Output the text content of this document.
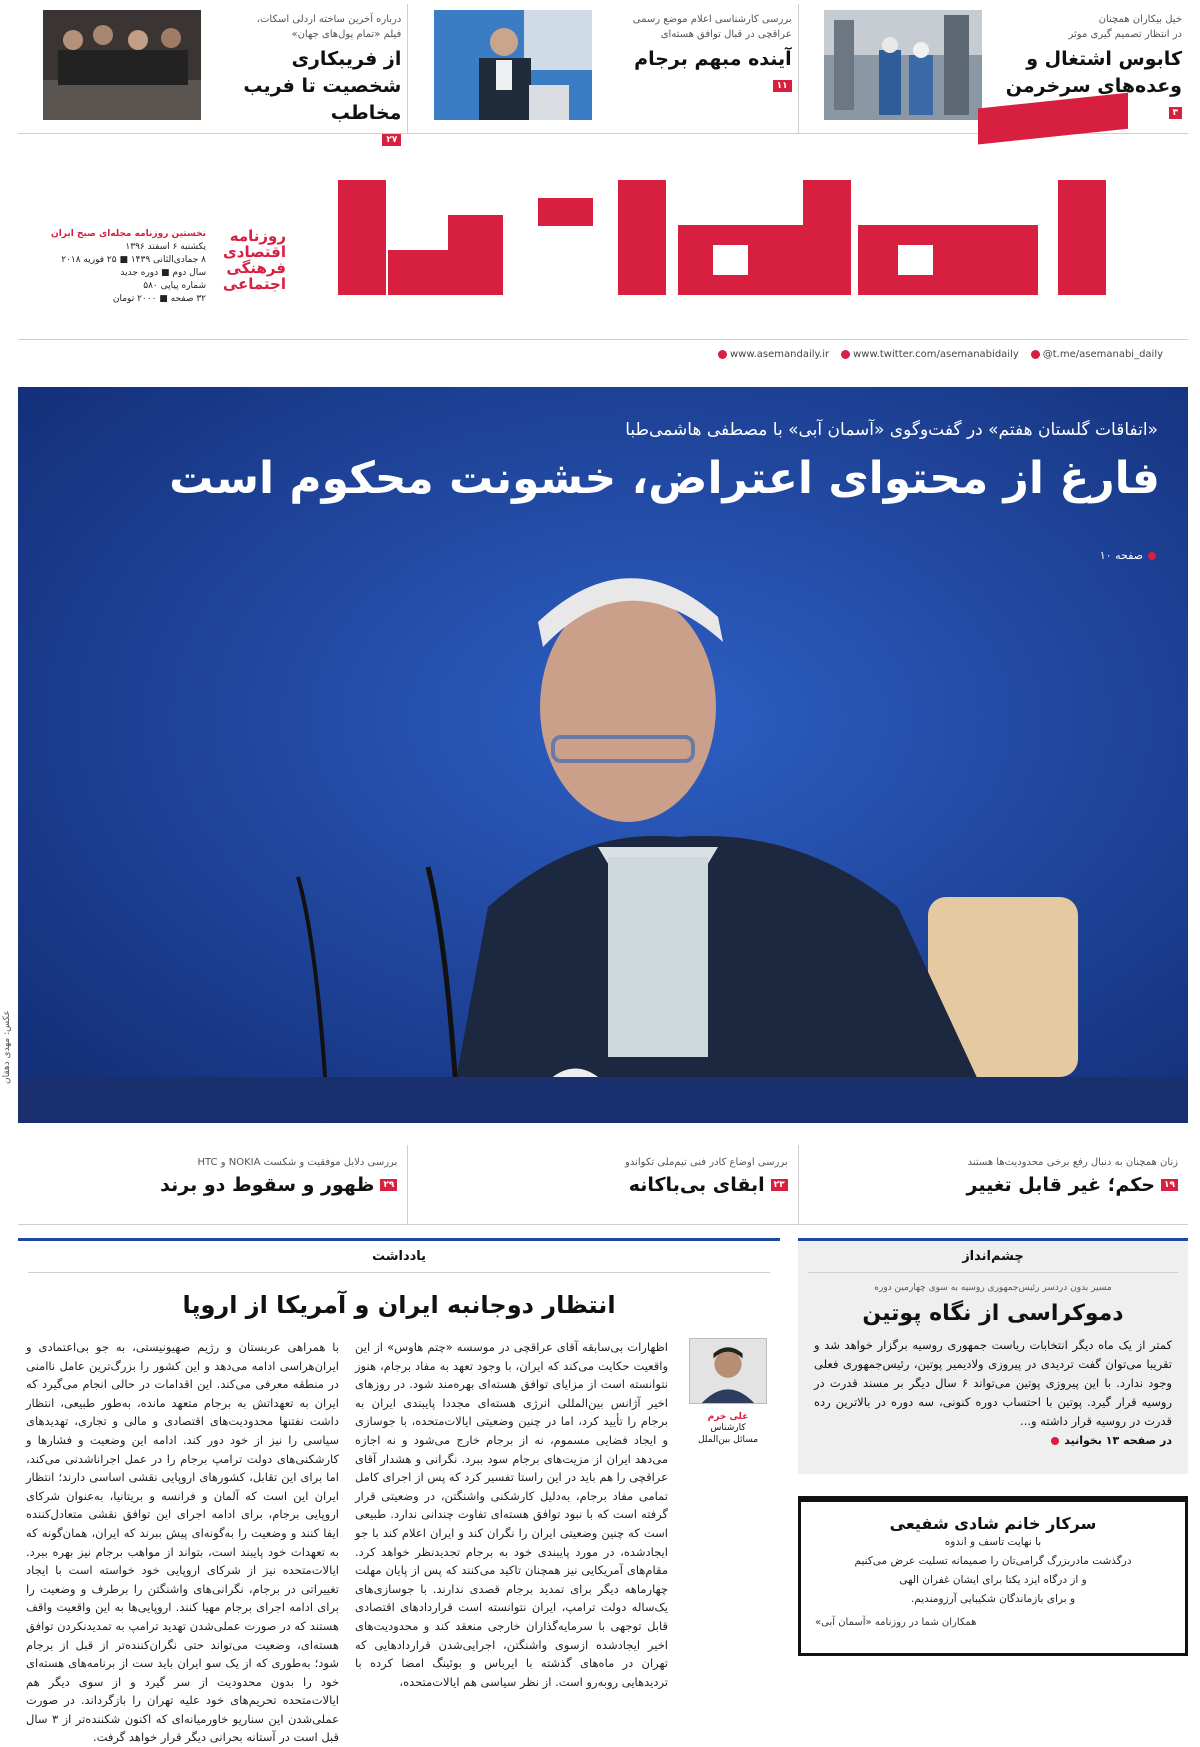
خیل بیکاران همچنان
در انتظار تصمیم گیری موثر
کابوس اشتغال و وعده‌های سرخرمن
۳
بررسی کارشناسی اعلام موضع رسمی
عراقچی در قبال توافق هسته‌ای
آینده مبهم برجام
۱۱
درباره آخرین ساخته اردلی اسکات،
فیلم «تمام پول‌های جهان»
از فریبکاری شخصیت تا فریب مخاطب
۲۷
روزنامه
اقتصادی
فرهنگی
اجتماعی
نخستین روزنامه مجله‌ای صبح ایران
یکشنبه ۶ اسفند ۱۳۹۶
۸ جمادی‌الثانی ۱۴۳۹ ■ ۲۵ فوریه ۲۰۱۸
سال دوم ■ دوره جدید
شماره پیاپی ۵۸۰
۳۲ صفحه ■ ۲۰۰۰ تومان
www.asemandaily.ir www.twitter.com/asemanabidaily @t.me/asemanabi_daily
«اتفاقات گلستان هفتم» در گفت‌وگوی «آسمان آبی» با مصطفی هاشمی‌طبا
فارغ از محتوای اعتراض، خشونت محکوم است
صفحه ۱۰
عکس: مهدی دهقان
زنان همچنان به دنبال رفع برخی محدودیت‌ها هستند
۱۹
حکم؛ غیر قابل تغییر
بررسی اوضاع کادر فنی تیم‌ملی تکواندو
۲۳
ابقای بی‌باکانه
بررسی دلایل موفقیت و شکست NOKIA و HTC
۲۹
ظهور و سقوط دو برند
چشم‌انداز
مسیر بدون دردسر رئیس‌جمهوری روسیه به سوی چهارمین دوره
دموکراسی از نگاه پوتین
کمتر از یک ماه دیگر انتخابات ریاست جمهوری روسیه برگزار خواهد شد و تقریبا می‌توان گفت تردیدی در پیروزی ولادیمیر پوتین، رئیس‌جمهوری فعلی وجود ندارد. با این پیروزی پوتین می‌تواند ۶ سال دیگر بر مسند قدرت در روسیه قرار گیرد. پوتین با احتساب دوره کنونی، سه دوره در بالاترین رده قدرت در روسیه قرار داشته و...
در صفحه ۱۳ بخوانید
سرکار خانم شادی شفیعی
با نهایت تاسف و اندوه
درگذشت مادربزرگ گرامی‌تان را صمیمانه تسلیت عرض می‌کنیم
و از درگاه ایزد یکتا برای ایشان غفران الهی
و برای بازماندگان شکیبایی آرزومندیم.
همکاران شما در روزنامه «آسمان آبی»
یادداشت
انتظار دوجانبه ایران و آمریکا از اروپا
علی خرم
کارشناس
مسائل بین‌الملل
اظهارات بی‌سابقه آقای عراقچی در موسسه «چتم هاوس» از این واقعیت حکایت می‌کند که ایران، با وجود تعهد به مفاد برجام، هنوز نتوانسته است از مزایای توافق هسته‌ای بهره‌مند شود. در روزهای اخیر آژانس بین‌المللی انرژی هسته‌ای مجددا پایبندی ایران به برجام را تأیید کرد، اما در چنین وضعیتی ایالات‌متحده، با جوسازی و ایجاد فضایی مسموم، نه از برجام خارج می‌شود و نه اجازه می‌دهد ایران از مزیت‌های برجام سود ببرد. نگرانی و هشدار آقای عراقچی را هم باید در این راستا تفسیر کرد که پس از اجرای کامل تمامی مفاد برجام، به‌دلیل کارشکنی واشنگتن، در وضعیتی قرار گرفته است که با نبود توافق هسته‌ای تفاوت چندانی ندارد. طبیعی است که چنین وضعیتی ایران را نگران کند و ایران اعلام کند با جو ایجادشده، در مورد پایبندی خود به برجام تجدیدنظر خواهد کرد. مقام‌های آمریکایی نیز همچنان تاکید می‌کنند که پس از پایان مهلت چهارماهه دیگر برای تمدید برجام قصدی ندارند. با جوسازی‌های یک‌ساله دولت ترامپ، ایران نتوانسته است قراردادهای اقتصادی قابل توجهی با سرمایه‌گذاران خارجی منعقد کند و محدودیت‌های اخیر ایجادشده ازسوی واشنگتن، اجرایی‌شدن قراردادهایی که تهران در ماه‌های گذشته با ایرباس و بوئینگ امضا کرده با تردیدهایی روبه‌رو است. از نظر سیاسی هم ایالات‌متحده،
با همراهی عربستان و رژیم صهیونیستی، به جو بی‌اعتمادی و ایران‌هراسی ادامه می‌دهد و این کشور را بزرگ‌ترین عامل ناامنی در منطقه معرفی می‌کند. این اقدامات در حالی انجام می‌گیرد که ایران به تعهداتش به برجام متعهد مانده، به‌طور طبیعی، انتظار داشت نفتنها محدودیت‌های اقتصادی و مالی و تجاری، تهدیدهای سیاسی را نیز از خود دور کند. ادامه این وضعیت و فشارها و کارشکنی‌های دولت ترامپ برجام را در عمل اجرانا‌شدنی می‌کند، اما برای این تقابل، کشورهای اروپایی نقشی اساسی دارند؛ انتظار ایران این است که آلمان و فرانسه و بریتانیا، به‌عنوان شرکای اروپایی برجام، برای ادامه اجرای این توافق نقشی متعادل‌کننده ایفا کنند و وضعیت را به‌گونه‌ای پیش ببرند که ایران، همان‌گونه که به تعهدات خود پایبند است، بتواند از مواهب برجام نیز بهره ببرد. ایالات‌متحده نیز از شرکای اروپایی خود خواسته است با ایجاد تغییراتی در برجام، نگرانی‌های واشنگتن را برطرف و وضعیت را برای ادامه اجرای برجام مهیا کنند. اروپایی‌ها به این واقعیت واقف هستند که در صورت عملی‌شدن تهدید ترامپ به تمدیدنکردن توافق هسته‌ای، وضعیت می‌تواند حتی نگران‌کننده‌تر از قبل از برجام شود؛ به‌طوری که از یک سو ایران باید ست از برنامه‌های هسته‌ای خود را بدون محدودیت از سر گیرد و از سوی دیگر هم ایالات‌متحده تحریم‌های خود علیه تهران را بازگرداند. در صورت عملی‌شدن این سناریو خاورمیانه‌ای که اکنون شکننده‌تر از ۳ سال قبل است در آستانه بحرانی دیگر قرار خواهد گرفت.
